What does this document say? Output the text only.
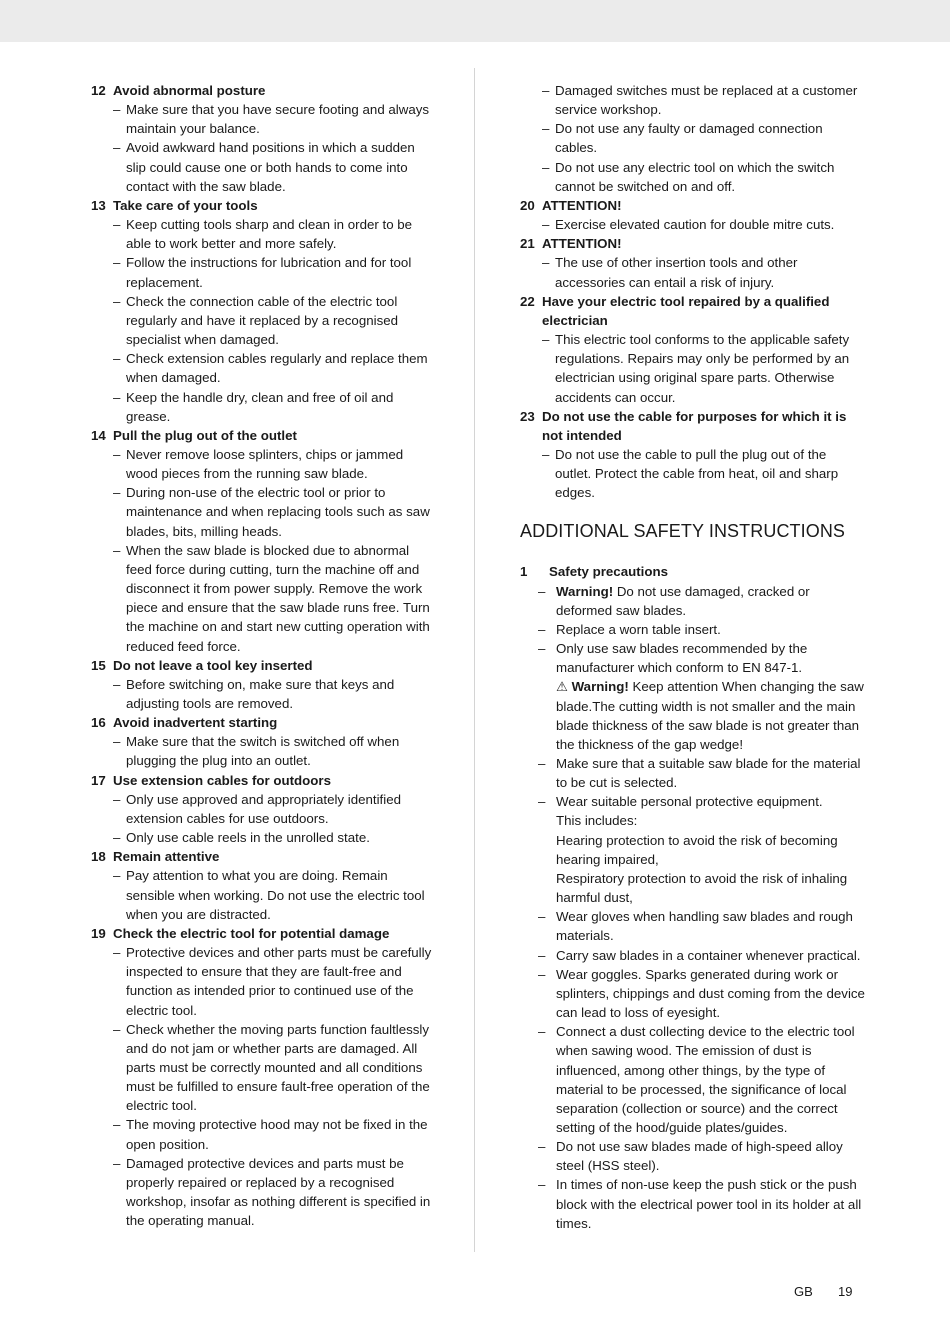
12 Avoid abnormal posture
– Make sure that you have secure footing and always maintain your balance.
– Avoid awkward hand positions in which a sudden slip could cause one or both hands to come into contact with the saw blade.
13 Take care of your tools
– Keep cutting tools sharp and clean in order to be able to work better and more safely.
– Follow the instructions for lubrication and for tool replacement.
– Check the connection cable of the electric tool regularly and have it replaced by a recognised specialist when damaged.
– Check extension cables regularly and replace them when damaged.
– Keep the handle dry, clean and free of oil and grease.
14 Pull the plug out of the outlet
– Never remove loose splinters, chips or jammed wood pieces from the running saw blade.
– During non-use of the electric tool or prior to maintenance and when replacing tools such as saw blades, bits, milling heads.
– When the saw blade is blocked due to abnormal feed force during cutting, turn the machine off and disconnect it from power supply. Remove the work piece and ensure that the saw blade runs free. Turn the machine on and start new cutting operation with reduced feed force.
15 Do not leave a tool key inserted
– Before switching on, make sure that keys and adjusting tools are removed.
16 Avoid inadvertent starting
– Make sure that the switch is switched off when plugging the plug into an outlet.
17 Use extension cables for outdoors
– Only use approved and appropriately identified extension cables for use outdoors.
– Only use cable reels in the unrolled state.
18 Remain attentive
– Pay attention to what you are doing. Remain sensible when working. Do not use the electric tool when you are distracted.
19 Check the electric tool for potential damage
– Protective devices and other parts must be carefully inspected to ensure that they are fault-free and function as intended prior to continued use of the electric tool.
– Check whether the moving parts function faultlessly and do not jam or whether parts are damaged. All parts must be correctly mounted and all conditions must be fulfilled to ensure fault-free operation of the electric tool.
– The moving protective hood may not be fixed in the open position.
– Damaged protective devices and parts must be properly repaired or replaced by a recognised workshop, insofar as nothing different is specified in the operating manual.
– Damaged switches must be replaced at a customer service workshop.
– Do not use any faulty or damaged connection cables.
– Do not use any electric tool on which the switch cannot be switched on and off.
20 ATTENTION!
– Exercise elevated caution for double mitre cuts.
21 ATTENTION!
– The use of other insertion tools and other accessories can entail a risk of injury.
22 Have your electric tool repaired by a qualified electrician
– This electric tool conforms to the applicable safety regulations. Repairs may only be performed by an electrician using original spare parts. Otherwise accidents can occur.
23 Do not use the cable for purposes for which it is not intended
– Do not use the cable to pull the plug out of the outlet. Protect the cable from heat, oil and sharp edges.
ADDITIONAL SAFETY INSTRUCTIONS
1	Safety precautions
– Warning! Do not use damaged, cracked or deformed saw blades.
– Replace a worn table insert.
– Only use saw blades recommended by the manufacturer which conform to EN 847-1.
⚠ Warning! Keep attention When changing the saw blade.The cutting width is not smaller and the main blade thickness of the saw blade is not greater than the thickness of the gap wedge!
– Make sure that a suitable saw blade for the material to be cut is selected.
– Wear suitable personal protective equipment.
This includes:
Hearing protection to avoid the risk of becoming hearing impaired,
Respiratory protection to avoid the risk of inhaling harmful dust,
– Wear gloves when handling saw blades and rough materials.
– Carry saw blades in a container whenever practical.
– Wear goggles. Sparks generated during work or splinters, chippings and dust coming from the device can lead to loss of eyesight.
– Connect a dust collecting device to the electric tool when sawing wood. The emission of dust is influenced, among other things, by the type of material to be processed, the significance of local separation (collection or source) and the correct setting of the hood/guide plates/guides.
– Do not use saw blades made of high-speed alloy steel (HSS steel).
– In times of non-use keep the push stick or the push block with the electrical power tool in its holder at all times.
GB 19
